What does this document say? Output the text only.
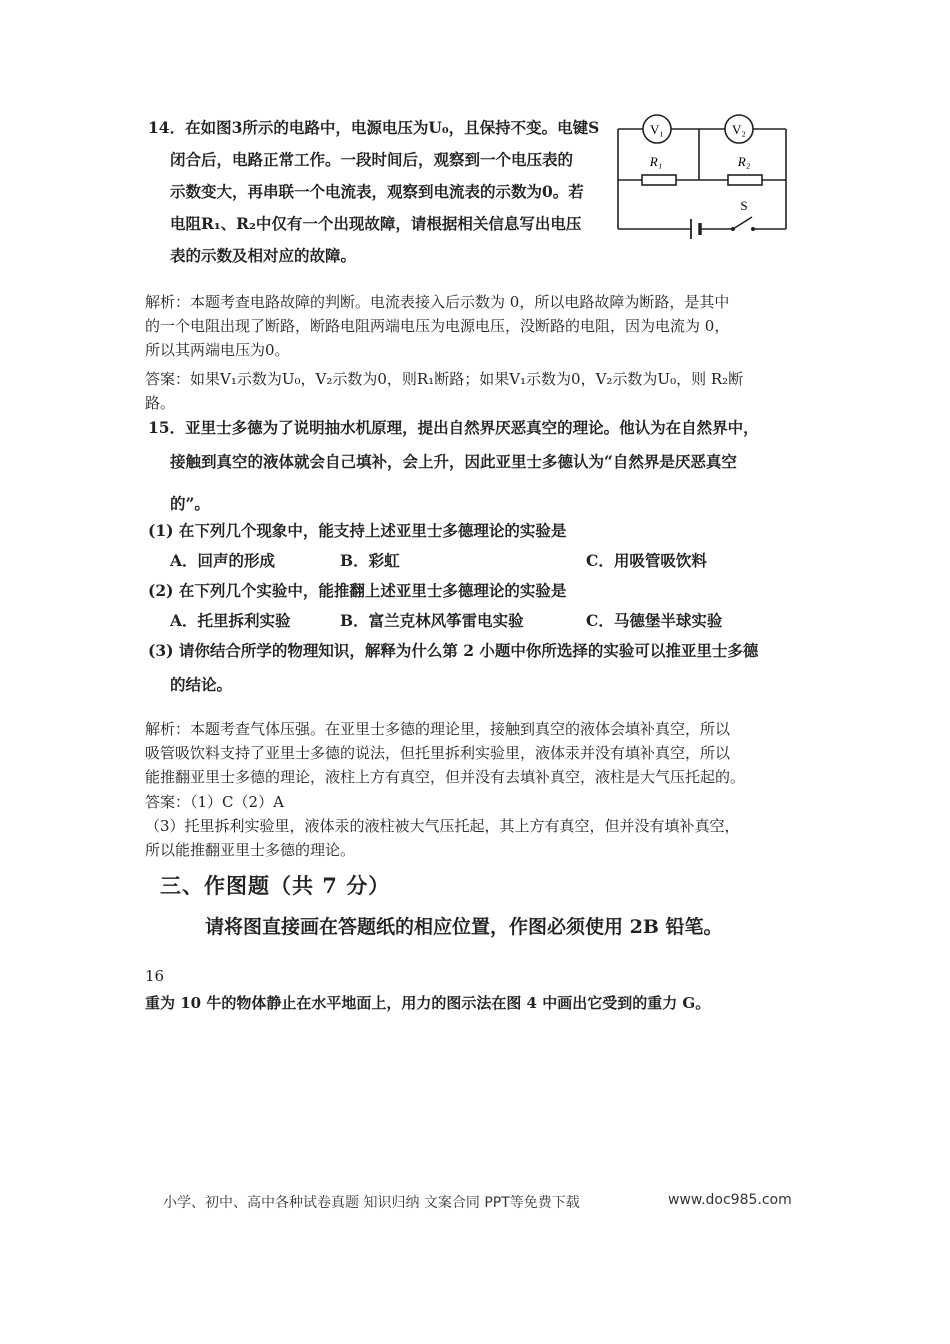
14．在如图3所示的电路中，电源电压为U₀，且保持不变。电键S
闭合后，电路正常工作。一段时间后，观察到一个电压表的
示数变大，再串联一个电流表，观察到电流表的示数为0。若
电阻R₁、R₂中仅有一个出现故障，请根据相关信息写出电压
表的示数及相对应的故障。
V₁	V₂
R₁	R₂
S
解析：本题考查电路故障的判断。电流表接入后示数为 0，所以电路故障为断路，是其中
的一个电阻出现了断路，断路电阻两端电压为电源电压，没断路的电阻，因为电流为 0，
所以其两端电压为0。
答案：如果V₁示数为U₀，V₂示数为0，则R₁断路；如果V₁示数为0，V₂示数为U₀，则 R₂断
路。
15．亚里士多德为了说明抽水机原理，提出自然界厌恶真空的理论。他认为在自然界中，
接触到真空的液体就会自己填补，会上升，因此亚里士多德认为“自然界是厌恶真空
的”。
(1) 在下列几个现象中，能支持上述亚里士多德理论的实验是
A．回声的形成	B．彩虹	C．用吸管吸饮料
(2) 在下列几个实验中，能推翻上述亚里士多德理论的实验是
A．托里拆利实验	B．富兰克林风筝雷电实验	C．马德堡半球实验
(3) 请你结合所学的物理知识，解释为什么第 2 小题中你所选择的实验可以推亚里士多德
的结论。
解析：本题考查气体压强。在亚里士多德的理论里，接触到真空的液体会填补真空，所以
吸管吸饮料支持了亚里士多德的说法，但托里拆利实验里，液体汞并没有填补真空，所以
能推翻亚里士多德的理论，液柱上方有真空，但并没有去填补真空，液柱是大气压托起的。
答案：（1）C（2）A
（3）托里拆利实验里，液体汞的液柱被大气压托起，其上方有真空，但并没有填补真空，
所以能推翻亚里士多德的理论。
三、作图题（共 7 分）
请将图直接画在答题纸的相应位置，作图必须使用 2B 铅笔。
16
重为 10 牛的物体静止在水平地面上，用力的图示法在图 4 中画出它受到的重力 G。
小学、初中、高中各种试卷真题 知识归纳 文案合同 PPT等免费下载	www.doc985.com
